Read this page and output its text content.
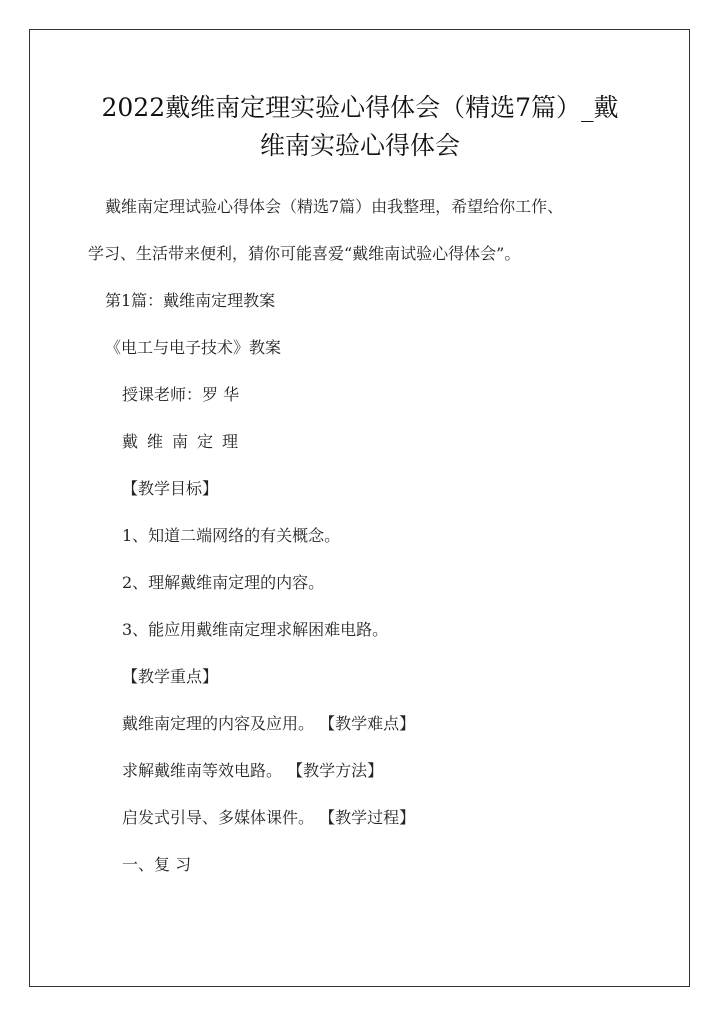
2022戴维南定理实验心得体会（精选7篇）_戴
维南实验心得体会
戴维南定理试验心得体会（精选7篇）由我整理，希望给你工作、
学习、生活带来便利，猜你可能喜爱“戴维南试验心得体会”。
第1篇：戴维南定理教案
《电工与电子技术》教案
授课老师：罗 华
戴维南定理
【教学目标】
1、知道二端网络的有关概念。
2、理解戴维南定理的内容。
3、能应用戴维南定理求解困难电路。
【教学重点】
戴维南定理的内容及应用。 【教学难点】
求解戴维南等效电路。 【教学方法】
启发式引导、多媒体课件。 【教学过程】
一、复 习
